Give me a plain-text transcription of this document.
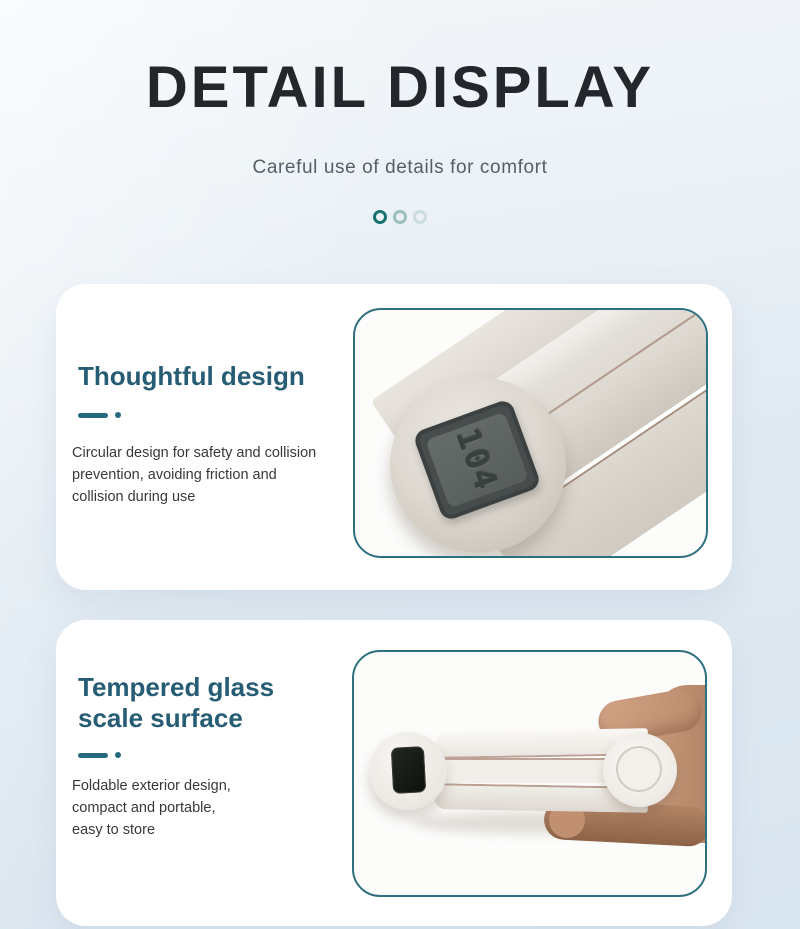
DETAIL DISPLAY
Careful use of details for comfort
Thoughtful design
Circular design for safety and collision
prevention, avoiding friction and
collision during use
104
Tempered glass scale surface
Foldable exterior design,
compact and portable,
easy to store
